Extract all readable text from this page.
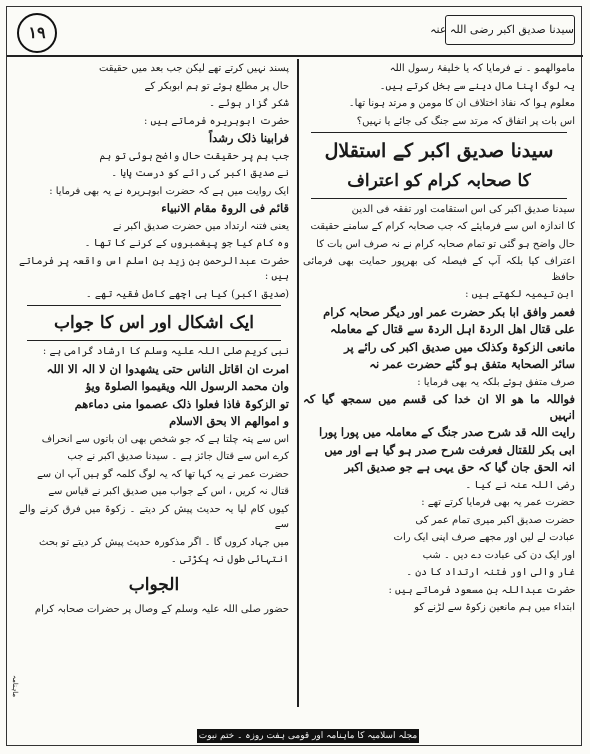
١٩	سیدنا صدیق اکبر رضی اللہ عنہ

ماموالھمو ۔ نے فرمایا کہ یا خلیفۂ رسول اللہ

یہ لوگ اپنا مال دینے سے بخل کرتے ہیں۔

معلوم ہوا کہ نفاذ اختلاف ان کا مومن و مرتد ہونا تھا۔

اس بات پر اتفاق کہ مرتد سے جنگ کی جائے یا نہیں؟

سیدنا صدیق اکبر کے استقلال
کا صحابہ کرام کو اعتراف

سیدنا صدیق اکبر کی اس استقامت اور تفقہ فی الدین

کا اندازہ اس سے فرمایئے کہ جب صحابہ کرام کے سامنے حقیقت

حال واضح ہو گئی تو تمام صحابہ کرام نے نہ صرف اس بات کا

اعتراف کیا بلکہ آپ کے فیصلہ کی بھرپور حمایت بھی فرمائی حافظ

ابن تیمیہ لکھتے ہیں :

فعمر وافق ابا بکر حضرت عمر اور دیگر صحابہ کرام

علی قتال اھل الردۃ اہل الردۃ سے قتال کے معاملہ

مانعی الزکوۃ وکذلک میں صدیق اکبر کی رائے پر

سائر الصحابۃ متفق ہو گئے حضرت عمر نہ

صرف متفق ہوئے بلکہ یہ بھی فرمایا :

فواللہ ما ھو الا ان خدا کی قسم میں سمجھ گیا کہ انہیں

رایت اللہ قد شرح صدر جنگ کے معاملہ میں پورا پورا

ابی بکر للقتال فعرفت شرح صدر ہو گیا ہے اور میں

انہ الحق جان گیا کہ حق یہی ہے جو صدیق اکبر

رضی اللہ عنہ نے کیا ۔

حضرت عمر یہ بھی فرمایا کرتے تھے :

حضرت صدیق اکبر میری تمام عمر کی

عبادت لے لیں اور مجھے صرف اپنی ایک رات

اور ایک دن کی عبادت دے دیں ۔ شب

غار والی اور فتنہ ارتداد کا دن ۔

حضرت عبداللہ بن مسعود فرماتے ہیں :

ابتداء میں ہم مانعین زکوۃ سے لڑنے کو

پسند نہیں کرتے تھے لیکن جب بعد میں حقیقت

حال پر مطلع ہوئے تو ہم ابوبکر کے

شکر گزار ہوئے ۔

حضرت ابوہریرہ فرماتے ہیں :

فرابینا ذلک رشداً

جب ہم پر حقیقت حال واضح ہوئی تو ہم

نے صدیق اکبر کی رائے کو درست پایا ۔

ایک روایت میں ہے کہ حضرت ابوہریرہ نے یہ بھی فرمایا :

قائم فی الروۃ مقام الانبیاء

یعنی فتنہ ارتداد میں حضرت صدیق اکبر نے

وہ کام کیا جو پیغمبروں کے کرنے کا تھا ۔

حضرت عبدالرحمن بن زید بن اسلم اس واقعہ پر فرماتے ہیں :

(صدیق اکبر) کیا ہی اچھے کامل فقیہ تھے ۔

ایک اشکال اور اس کا جواب

نبی کریم صلی اللہ علیہ وسلم کا ارشاد گرامی ہے :

امرت ان اقاتل الناس حتی یشھدوا ان لا الہ الا اللہ

وان محمد الرسول اللہ ویقیموا الصلوۃ ویؤ

تو الزکوۃ فاذا فعلوا ذلک عصموا منی دماءھم

و اموالھم الا بحق الاسلام

اس سے پتہ چلتا ہے کہ جو شخص بھی ان باتوں سے انحراف

کرے اس سے قتال جائز ہے ۔ سیدنا صدیق اکبر نے جب

حضرت عمر نے یہ کہا تھا کہ یہ لوگ کلمہ گو ہیں آپ ان سے

قتال نہ کریں ، اس کے جواب میں صدیق اکبر نے قیاس سے

کیوں کام لیا یہ حدیث پیش کر دیتے ۔ زکوۃ میں فرق کرنے والے سے

میں جہاد کروں گا ۔ اگر مذکورہ حدیث پیش کر دیتے تو بحث

انتہائی طول نہ پکڑتی ۔

الجواب

حضور صلی اللہ علیہ وسلم کے وصال پر حضرات صحابہ کرام

ماہنامہ
مجلہ اسلامیہ کا ماہنامہ اور قومی ہفت روزہ ۔ ختم نبوت
